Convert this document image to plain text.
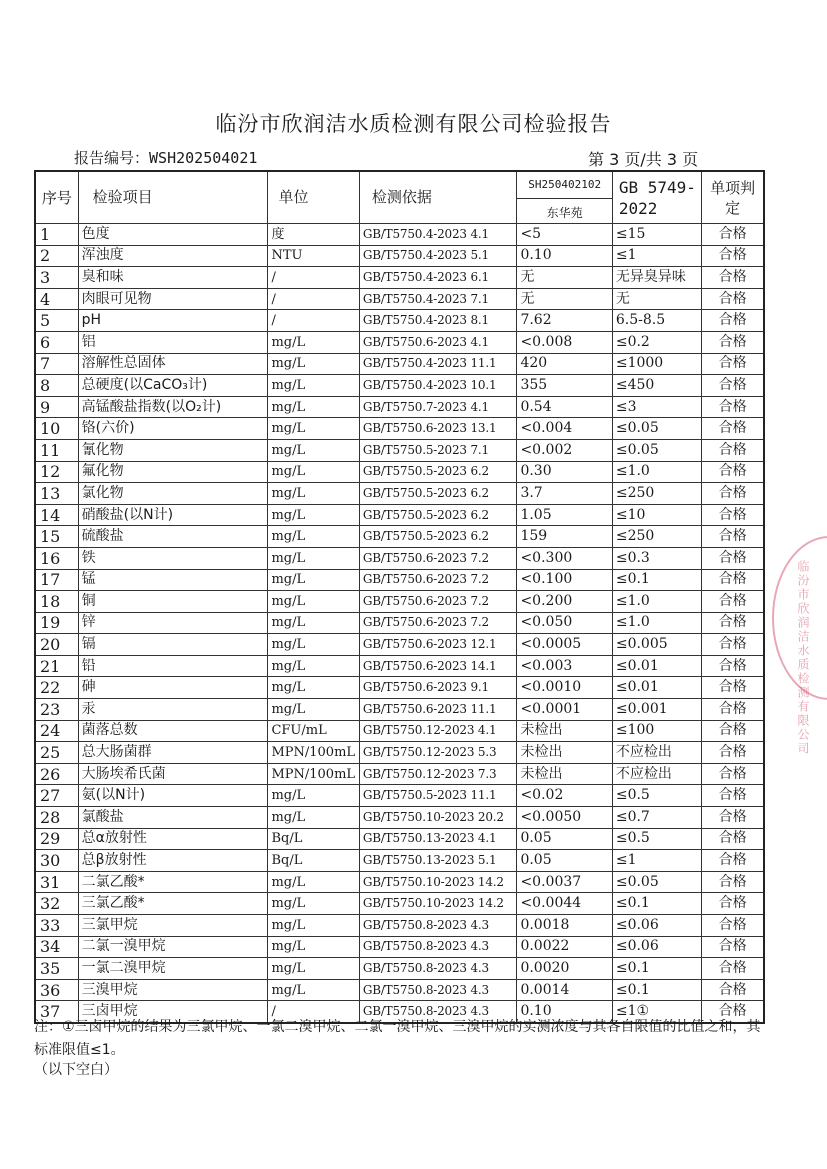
临汾市欣润洁水质检测有限公司检验报告
报告编号：WSH202504021	第 3 页/共 3 页
序号	检验项目	单位	检测依据	SH250402102
东华苑	GB 5749-2022	单项判定
1	色度	度	GB/T5750.4-2023 4.1	<5	≤15	合格
2	浑浊度	NTU	GB/T5750.4-2023 5.1	0.10	≤1	合格
3	臭和味	/	GB/T5750.4-2023 6.1	无	无异臭异味	合格
4	肉眼可见物	/	GB/T5750.4-2023 7.1	无	无	合格
5	pH	/	GB/T5750.4-2023 8.1	7.62	6.5-8.5	合格
6	铝	mg/L	GB/T5750.6-2023 4.1	<0.008	≤0.2	合格
7	溶解性总固体	mg/L	GB/T5750.4-2023 11.1	420	≤1000	合格
8	总硬度(以CaCO₃计)	mg/L	GB/T5750.4-2023 10.1	355	≤450	合格
9	高锰酸盐指数(以O₂计)	mg/L	GB/T5750.7-2023 4.1	0.54	≤3	合格
10	铬(六价)	mg/L	GB/T5750.6-2023 13.1	<0.004	≤0.05	合格
11	氰化物	mg/L	GB/T5750.5-2023 7.1	<0.002	≤0.05	合格
12	氟化物	mg/L	GB/T5750.5-2023 6.2	0.30	≤1.0	合格
13	氯化物	mg/L	GB/T5750.5-2023 6.2	3.7	≤250	合格
14	硝酸盐(以N计)	mg/L	GB/T5750.5-2023 6.2	1.05	≤10	合格
15	硫酸盐	mg/L	GB/T5750.5-2023 6.2	159	≤250	合格
16	铁	mg/L	GB/T5750.6-2023 7.2	<0.300	≤0.3	合格
17	锰	mg/L	GB/T5750.6-2023 7.2	<0.100	≤0.1	合格
18	铜	mg/L	GB/T5750.6-2023 7.2	<0.200	≤1.0	合格
19	锌	mg/L	GB/T5750.6-2023 7.2	<0.050	≤1.0	合格
20	镉	mg/L	GB/T5750.6-2023 12.1	<0.0005	≤0.005	合格
21	铅	mg/L	GB/T5750.6-2023 14.1	<0.003	≤0.01	合格
22	砷	mg/L	GB/T5750.6-2023 9.1	<0.0010	≤0.01	合格
23	汞	mg/L	GB/T5750.6-2023 11.1	<0.0001	≤0.001	合格
24	菌落总数	CFU/mL	GB/T5750.12-2023 4.1	未检出	≤100	合格
25	总大肠菌群	MPN/100mL	GB/T5750.12-2023 5.3	未检出	不应检出	合格
26	大肠埃希氏菌	MPN/100mL	GB/T5750.12-2023 7.3	未检出	不应检出	合格
27	氨(以N计)	mg/L	GB/T5750.5-2023 11.1	<0.02	≤0.5	合格
28	氯酸盐	mg/L	GB/T5750.10-2023 20.2	<0.0050	≤0.7	合格
29	总α放射性	Bq/L	GB/T5750.13-2023 4.1	0.05	≤0.5	合格
30	总β放射性	Bq/L	GB/T5750.13-2023 5.1	0.05	≤1	合格
31	二氯乙酸*	mg/L	GB/T5750.10-2023 14.2	<0.0037	≤0.05	合格
32	三氯乙酸*	mg/L	GB/T5750.10-2023 14.2	<0.0044	≤0.1	合格
33	三氯甲烷	mg/L	GB/T5750.8-2023 4.3	0.0018	≤0.06	合格
34	二氯一溴甲烷	mg/L	GB/T5750.8-2023 4.3	0.0022	≤0.06	合格
35	一氯二溴甲烷	mg/L	GB/T5750.8-2023 4.3	0.0020	≤0.1	合格
36	三溴甲烷	mg/L	GB/T5750.8-2023 4.3	0.0014	≤0.1	合格
37	三卤甲烷	/	GB/T5750.8-2023 4.3	0.10	≤1①	合格
注：①三卤甲烷的结果为三氯甲烷、一氯二溴甲烷、二氯一溴甲烷、三溴甲烷的实测浓度与其各自限值的比值之和，其标准限值≤1。
（以下空白）
临汾市欣润洁水质检测有限公司
